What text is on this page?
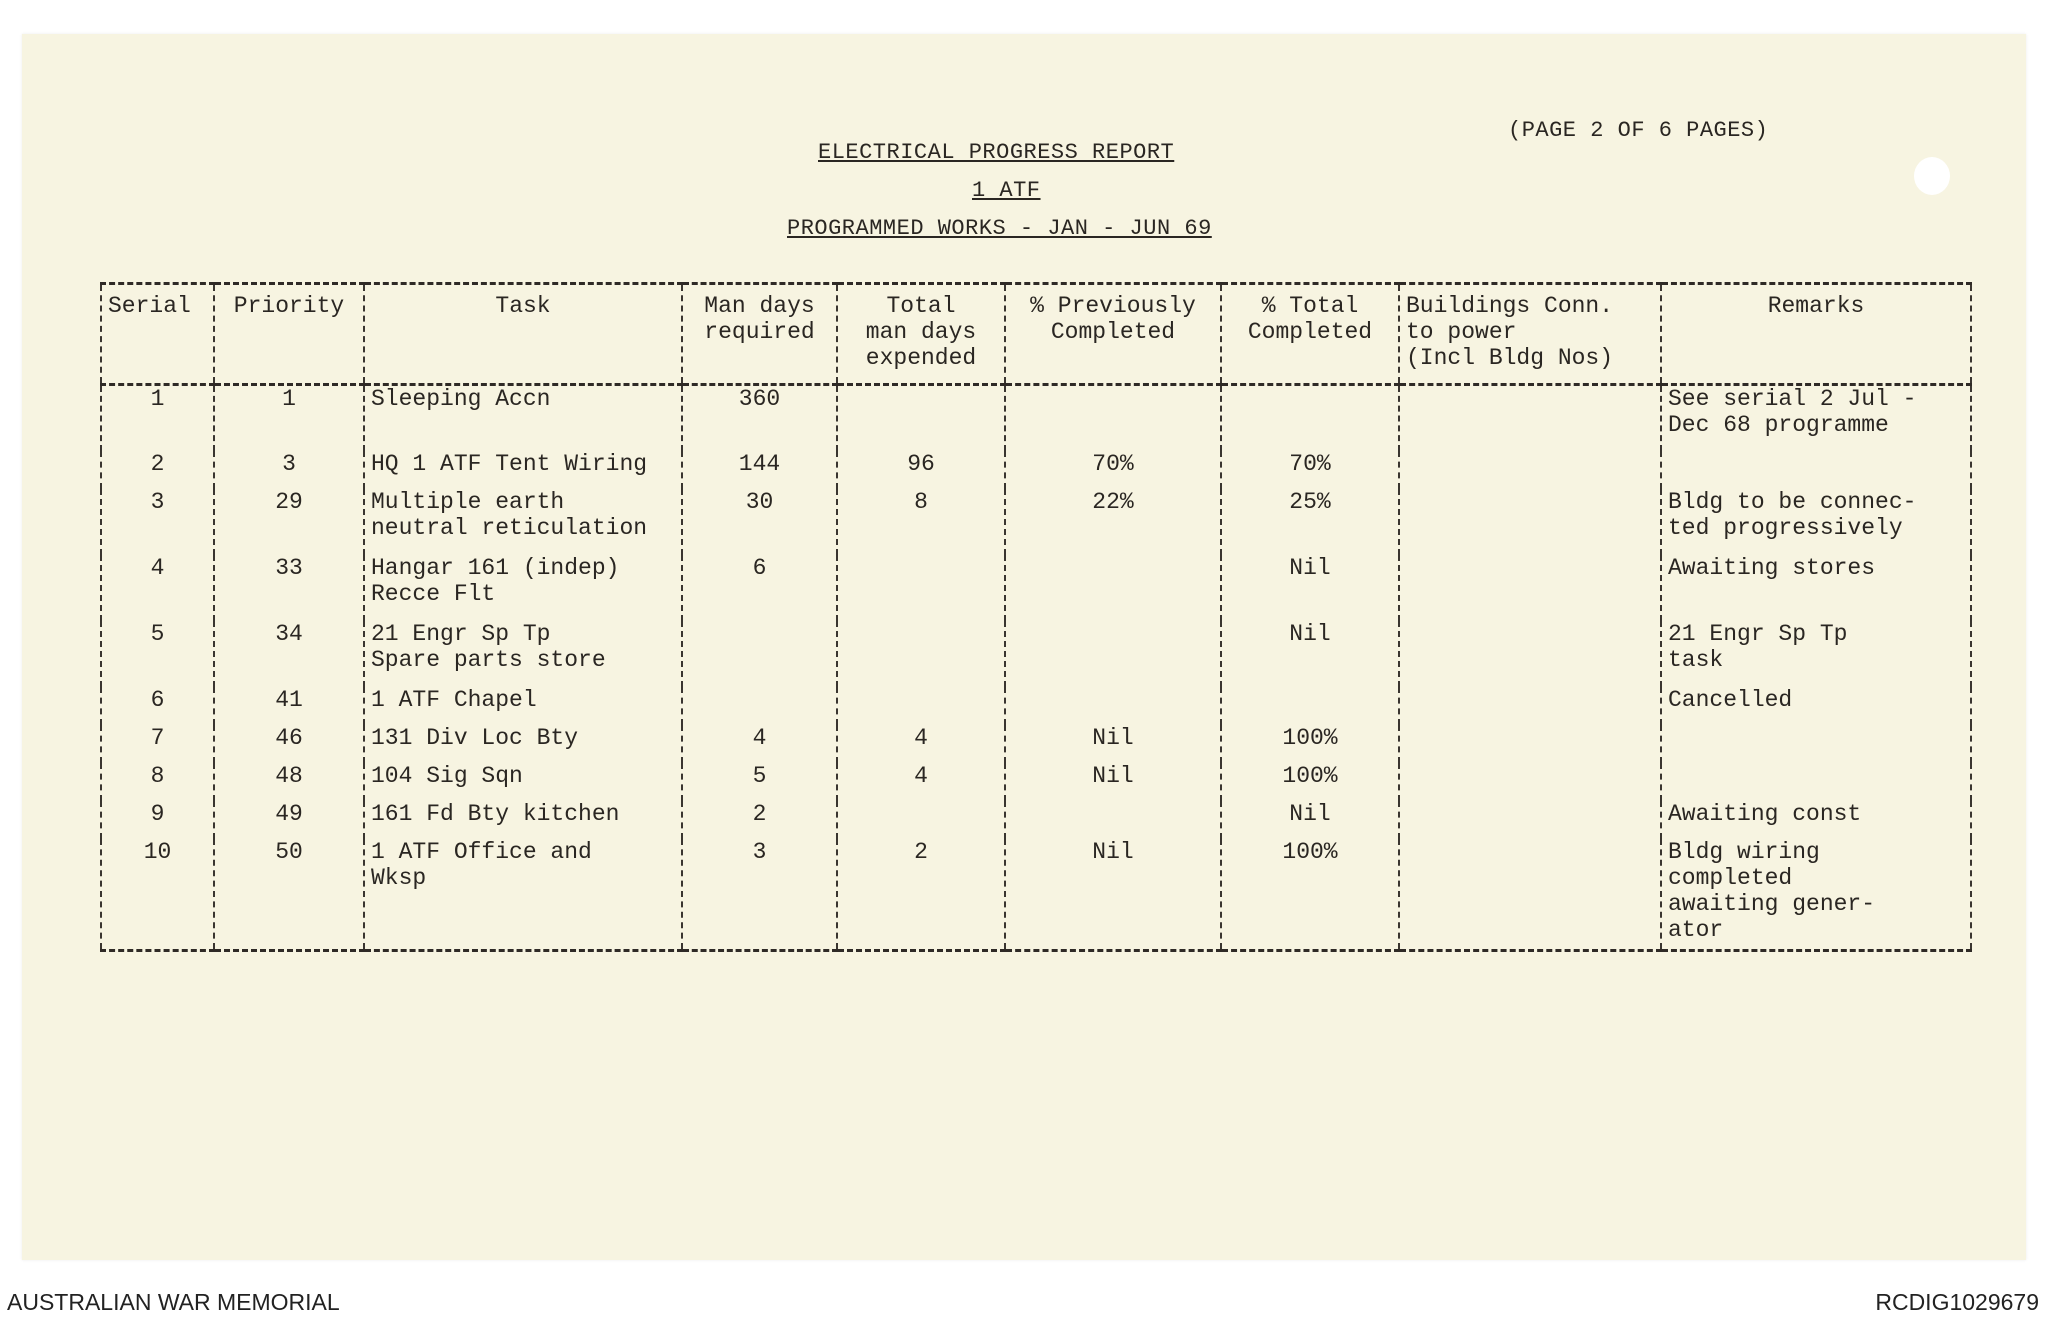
(PAGE 2 OF 6 PAGES)
ELECTRICAL PROGRESS REPORT
1 ATF
PROGRAMMED WORKS - JAN - JUN 69
Serial	Priority	Task	Man days
required	Total
man days
expended	% Previously
Completed	% Total
Completed	Buildings Conn.
to power
(Incl Bldg Nos)	Remarks

1	1	Sleeping Accn	360					See serial 2 Jul -
Dec 68 programme

2	3	HQ 1 ATF Tent Wiring	144	96	70%	70%		
3	29	Multiple earth
neutral reticulation	30	8	22%	25%		Bldg to be connec-
ted progressively

4	33	Hangar 161 (indep)
Recce Flt	6			Nil		Awaiting stores

5	34	21 Engr Sp Tp
Spare parts store				Nil		21 Engr Sp Tp
task

6	41	1 ATF Chapel						Cancelled

7	46	131 Div Loc Bty	4	4	Nil	100%		
8	48	104 Sig Sqn	5	4	Nil	100%		
9	49	161 Fd Bty kitchen	2			Nil		Awaiting const

10	50	1 ATF Office and
Wksp	3	2	Nil	100%		Bldg wiring
completed
awaiting gener-
ator
AUSTRALIAN WAR MEMORIAL	RCDIG1029679
